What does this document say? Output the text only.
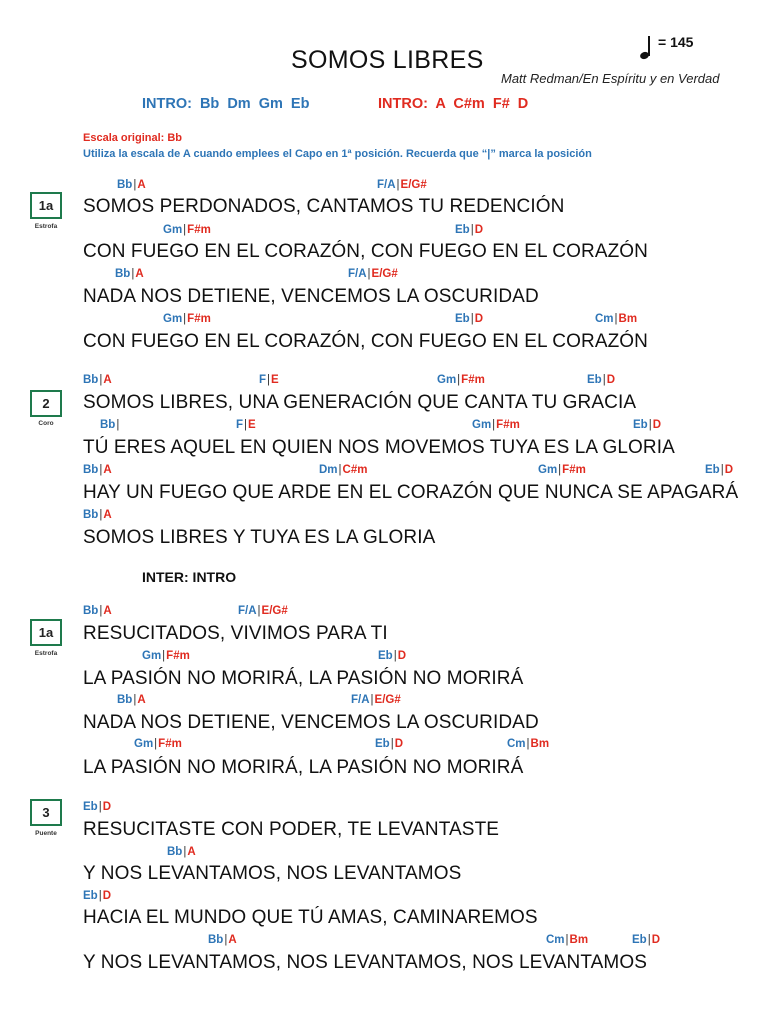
SOMOS LIBRES
Matt Redman/En Espíritu y en Verdad
= 145
INTRO: Bb Dm Gm Eb	INTRO: A C#m F# D
Escala original: Bb
Utiliza la escala de A cuando emplees el Capo en 1ª posición. Recuerda que “|” marca la posición
1a
Estrofa
Bb|A	F/A|E/G#
SOMOS PERDONADOS, CANTAMOS TU REDENCIÓN
Gm|F#m	Eb|D
CON FUEGO EN EL CORAZÓN, CON FUEGO EN EL CORAZÓN
Bb|A	F/A|E/G#
NADA NOS DETIENE, VENCEMOS LA OSCURIDAD
Gm|F#m	Eb|D	Cm|Bm
CON FUEGO EN EL CORAZÓN, CON FUEGO EN EL CORAZÓN
2
Coro
Bb|A	F|E	Gm|F#m	Eb|D
SOMOS LIBRES, UNA GENERACIÓN QUE CANTA TU GRACIA
Bb|	F|E	Gm|F#m	Eb|D
TÚ ERES AQUEL EN QUIEN NOS MOVEMOS TUYA ES LA GLORIA
Bb|A	Dm|C#m	Gm|F#m	Eb|D
HAY UN FUEGO QUE ARDE EN EL CORAZÓN QUE NUNCA SE APAGARÁ
Bb|A
SOMOS LIBRES Y TUYA ES LA GLORIA
INTER: INTRO
1a
Estrofa
Bb|A	F/A|E/G#
RESUCITADOS, VIVIMOS PARA TI
Gm|F#m	Eb|D
LA PASIÓN NO MORIRÁ, LA PASIÓN NO MORIRÁ
Bb|A	F/A|E/G#
NADA NOS DETIENE, VENCEMOS LA OSCURIDAD
Gm|F#m	Eb|D	Cm|Bm
LA PASIÓN NO MORIRÁ, LA PASIÓN NO MORIRÁ
3
Puente
Eb|D
RESUCITASTE CON PODER, TE LEVANTASTE
Bb|A
Y NOS LEVANTAMOS, NOS LEVANTAMOS
Eb|D
HACIA EL MUNDO QUE TÚ AMAS, CAMINAREMOS
Bb|A	Cm|Bm	Eb|D
Y NOS LEVANTAMOS, NOS LEVANTAMOS, NOS LEVANTAMOS
